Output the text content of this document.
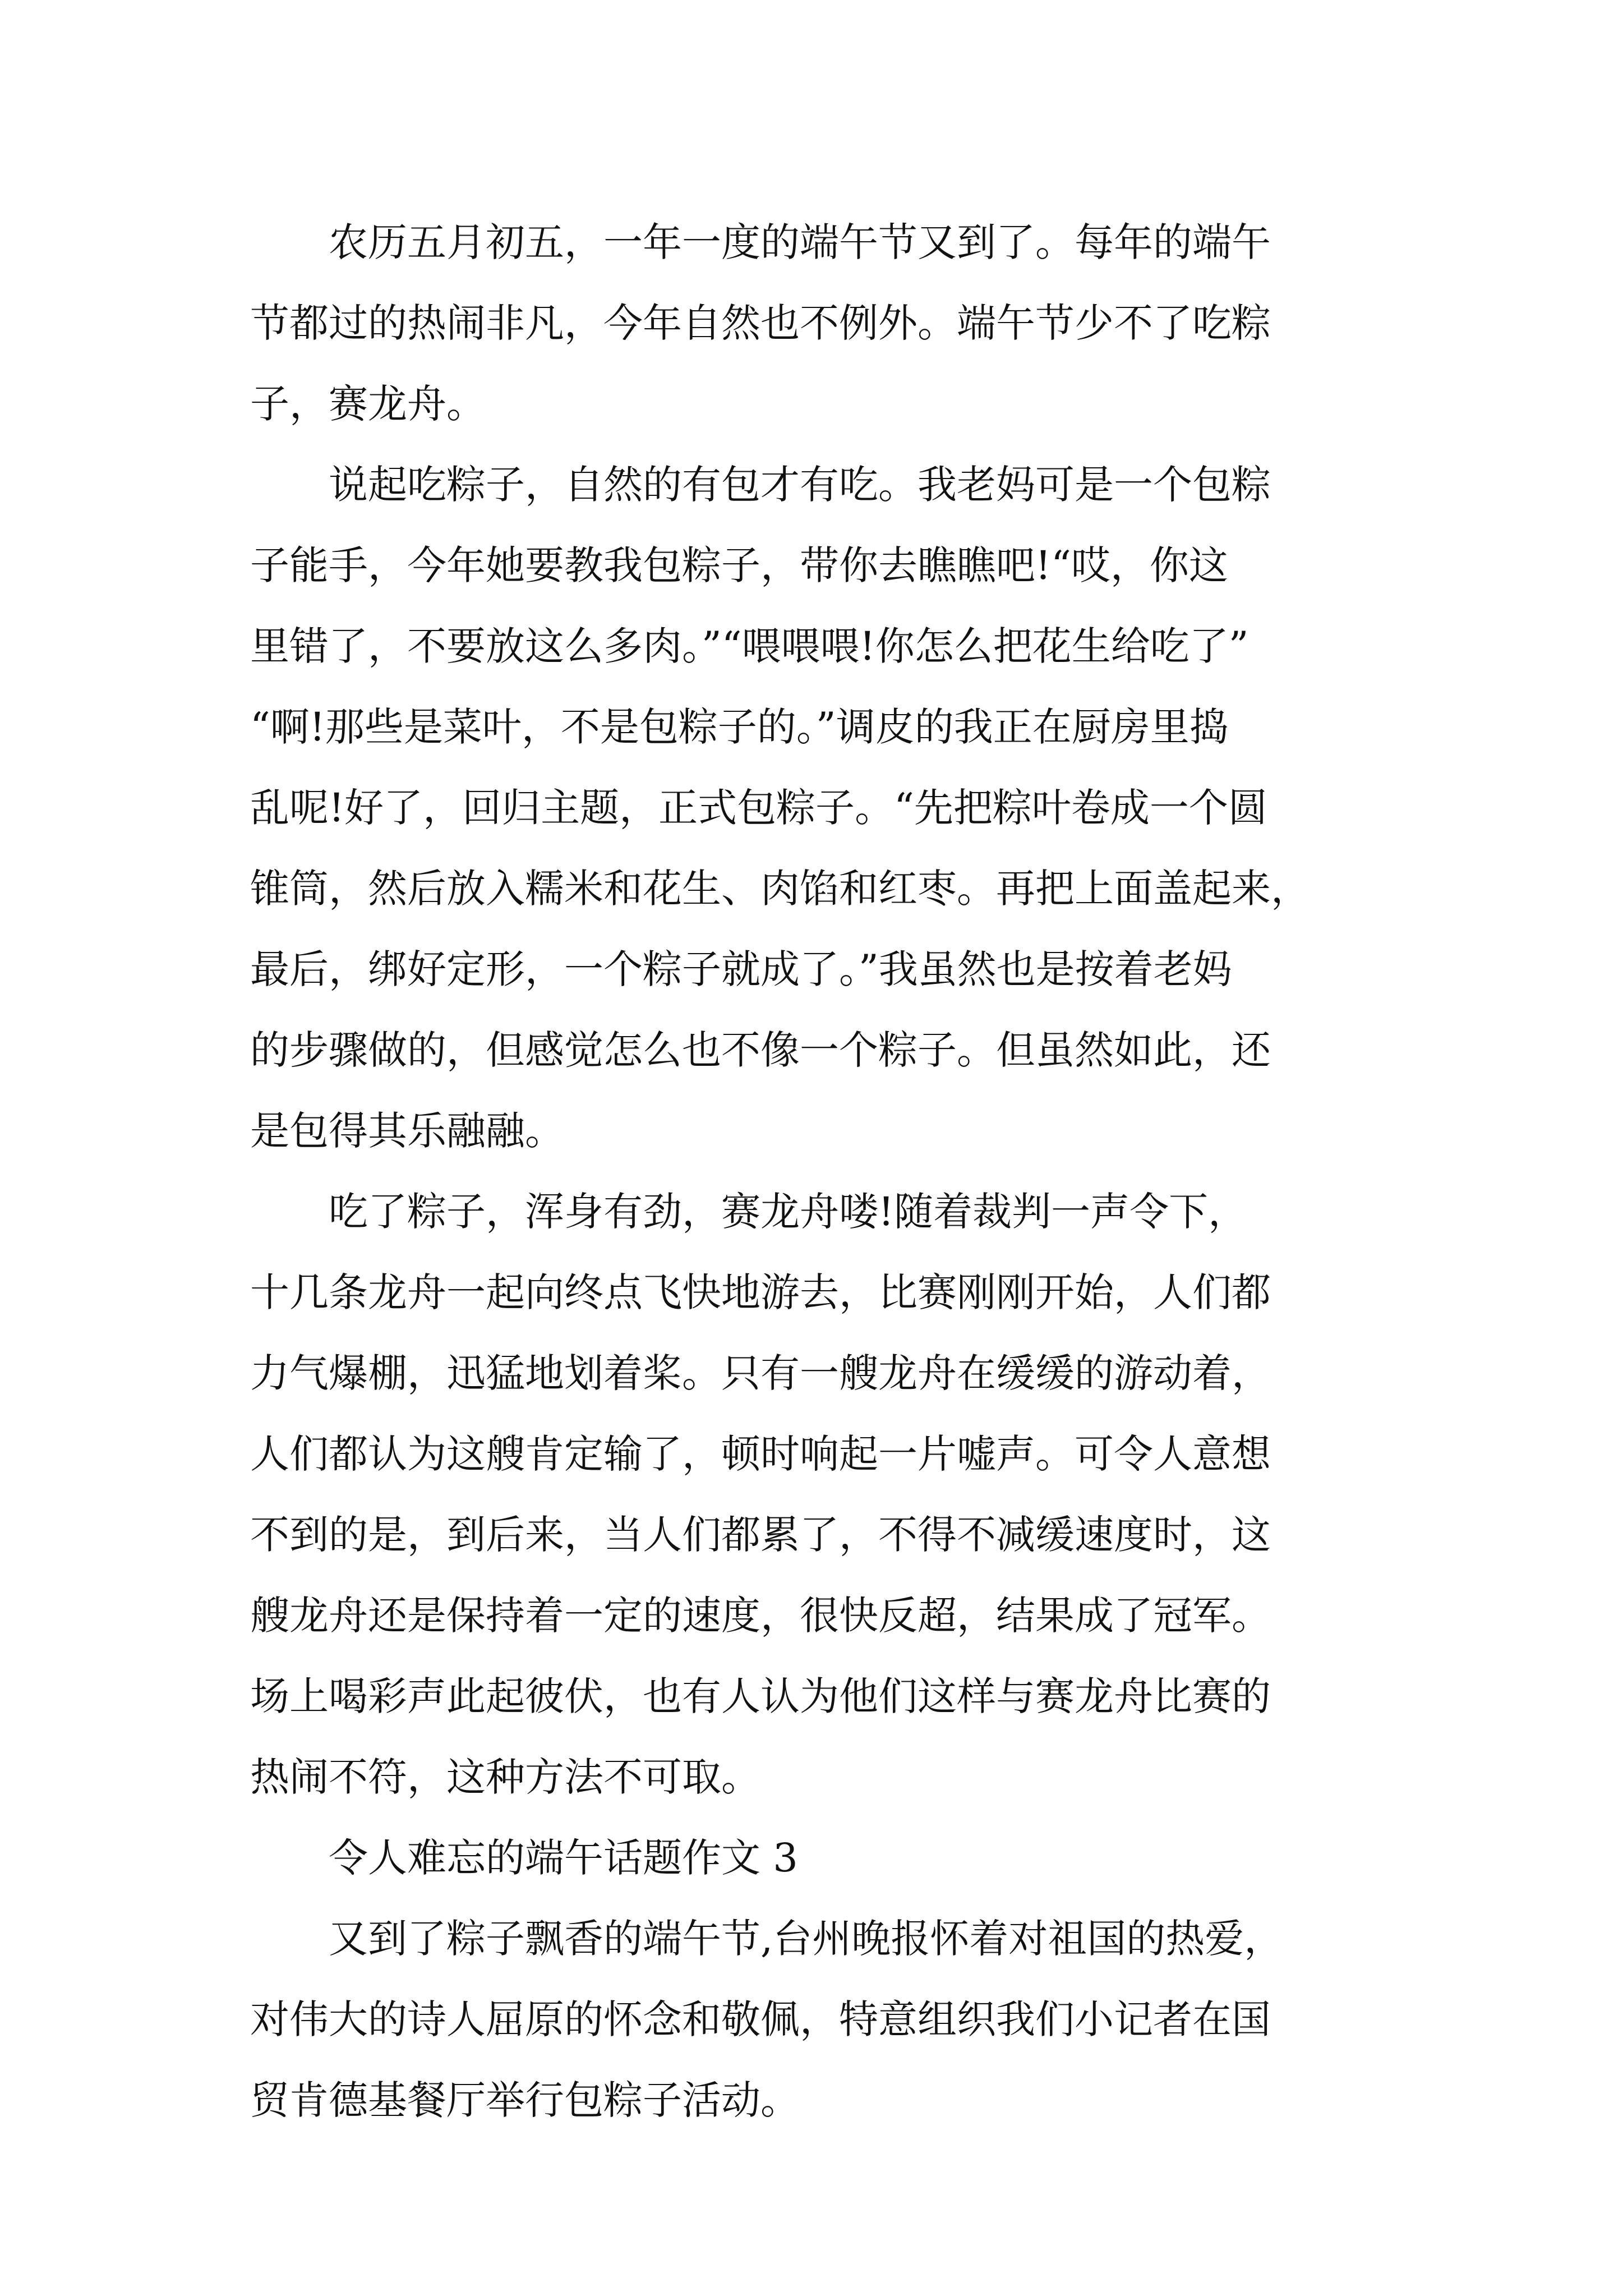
　　农历五月初五，一年一度的端午节又到了。每年的端午
节都过的热闹非凡，今年自然也不例外。端午节少不了吃粽
子，赛龙舟。
　　说起吃粽子，自然的有包才有吃。我老妈可是一个包粽
子能手，今年她要教我包粽子，带你去瞧瞧吧!“哎，你这
里错了，不要放这么多肉。”“喂喂喂!你怎么把花生给吃了”
“啊!那些是菜叶，不是包粽子的。”调皮的我正在厨房里捣
乱呢!好了，回归主题，正式包粽子。“先把粽叶卷成一个圆
锥筒，然后放入糯米和花生、肉馅和红枣。再把上面盖起来，
最后，绑好定形，一个粽子就成了。”我虽然也是按着老妈
的步骤做的，但感觉怎么也不像一个粽子。但虽然如此，还
是包得其乐融融。
　　吃了粽子，浑身有劲，赛龙舟喽!随着裁判一声令下，
十几条龙舟一起向终点飞快地游去，比赛刚刚开始，人们都
力气爆棚，迅猛地划着桨。只有一艘龙舟在缓缓的游动着，
人们都认为这艘肯定输了，顿时响起一片嘘声。可令人意想
不到的是，到后来，当人们都累了，不得不减缓速度时，这
艘龙舟还是保持着一定的速度，很快反超，结果成了冠军。
场上喝彩声此起彼伏，也有人认为他们这样与赛龙舟比赛的
热闹不符，这种方法不可取。
　　令人难忘的端午话题作文 3
　　又到了粽子飘香的端午节,台州晚报怀着对祖国的热爱，
对伟大的诗人屈原的怀念和敬佩，特意组织我们小记者在国
贸肯德基餐厅举行包粽子活动。
